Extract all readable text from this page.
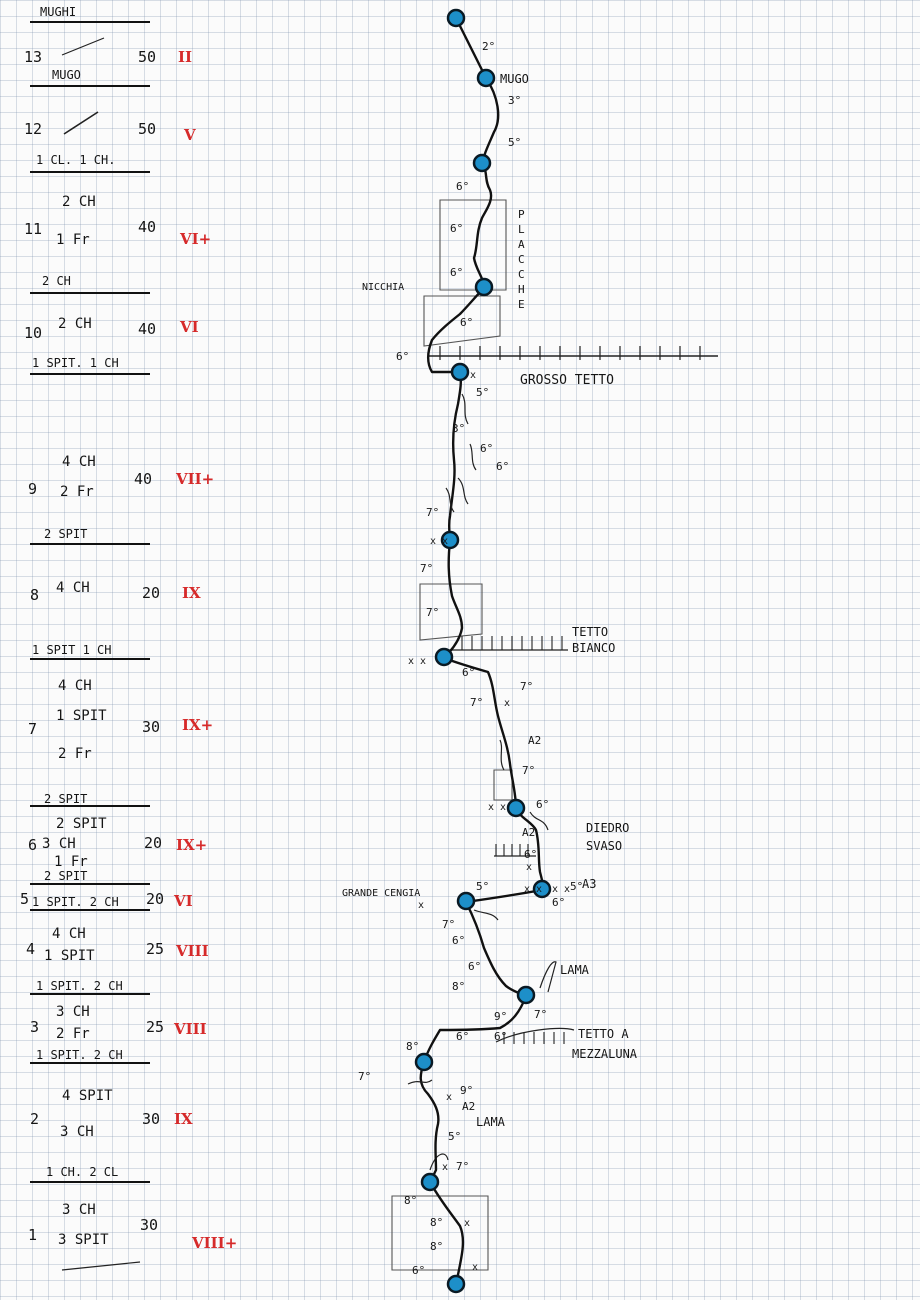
MUGHI
MUGO
1 CL. 1 CH.
2 CH
1 SPIT. 1 CH
2 SPIT
1 SPIT 1 CH
2 SPIT
2 SPIT
1 SPIT. 2 CH
1 SPIT. 2 CH
1 SPIT. 2 CH
1 CH. 2 CL
13
12
11
10
9
8
7
6
5
4
3
2
1
50
50
40
40
40
20
30
20
20
25
25
30
30
II
V
VI+
VI
VII+
IX
IX+
IX+
VI
VIII
VIII
IX
VIII+
2 CH
1 Fr
2 CH
4 CH
2 Fr
4 CH
4 CH
1 SPIT
2 Fr
2 SPIT
3 CH
1 Fr
4 CH
1 SPIT
3 CH
2 Fr
4 SPIT
3 CH
3 CH
3 SPIT
MUGO
NICCHIA
GROSSO TETTO
TETTO
BIANCO
DIEDRO
SVASO
GRANDE CENGIA
LAMA
TETTO A
MEZZALUNA
LAMA
A3
P
L
A
C
C
H
E
2°
3°
5°
6°
6°
6°
6°
6°
5°
3°
6°
6°
7°
7°
7°
6°
7°
7°
7°
A2
6°
A2
6°
5°	5°
6°
6°
7°
6°
8°
7°
9°
6° 6°
8°
7°
9°
A2
5°
7°
8°
8°
8°
6°
x
x x
x x
x x
x x x x
x
x
x
x
x
x
x
